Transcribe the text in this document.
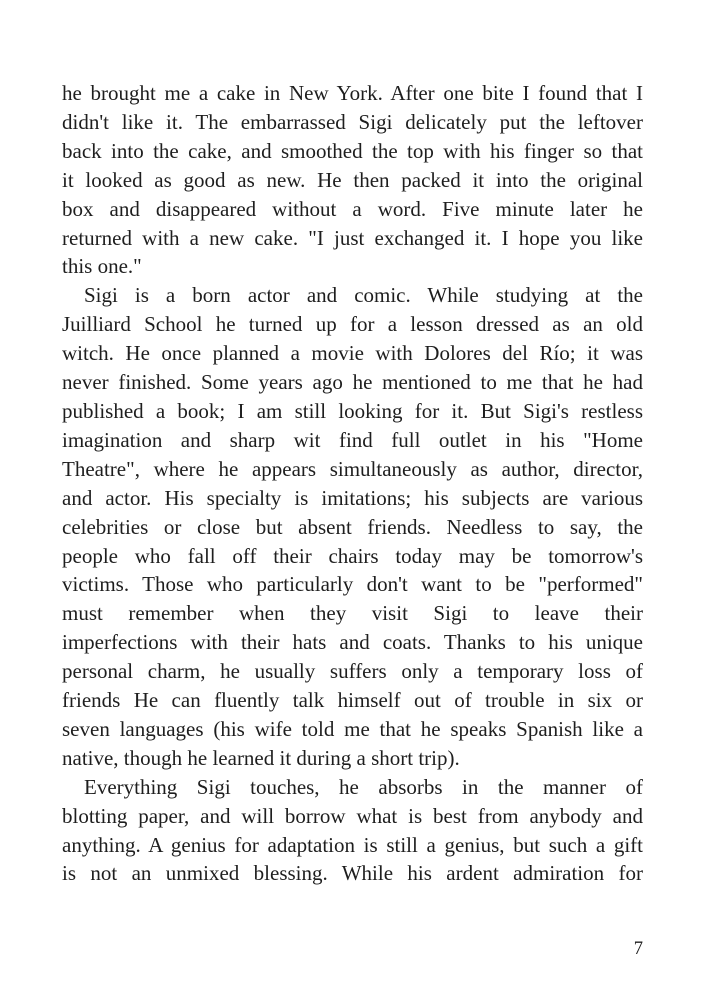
he brought me a cake in New York. After one bite I found that I
didn't like it. The embarrassed Sigi delicately put the leftover
back into the cake, and smoothed the top with his finger so that
it looked as good as new. He then packed it into the original
box and disappeared without a word. Five minute later he
returned with a new cake. "I just exchanged it. I hope you like
this one."
Sigi is a born actor and comic. While studying at the
Juilliard School he turned up for a lesson dressed as an old
witch. He once planned a movie with Dolores del Río; it was
never finished. Some years ago he mentioned to me that he had
published a book; I am still looking for it. But Sigi's restless
imagination and sharp wit find full outlet in his "Home
Theatre", where he appears simultaneously as author, director,
and actor. His specialty is imitations; his subjects are various
celebrities or close but absent friends. Needless to say, the
people who fall off their chairs today may be tomorrow's
victims. Those who particularly don't want to be "performed"
must remember when they visit Sigi to leave their
imperfections with their hats and coats. Thanks to his unique
personal charm, he usually suffers only a temporary loss of
friends He can fluently talk himself out of trouble in six or
seven languages (his wife told me that he speaks Spanish like a
native, though he learned it during a short trip).
Everything Sigi touches, he absorbs in the manner of
blotting paper, and will borrow what is best from anybody and
anything. A genius for adaptation is still a genius, but such a gift
is not an unmixed blessing. While his ardent admiration for
7
